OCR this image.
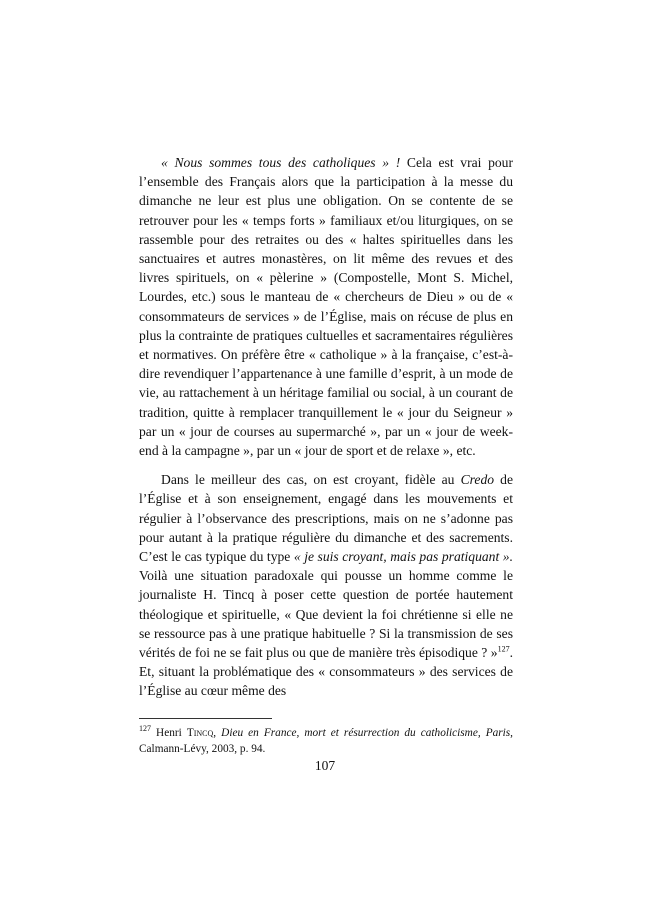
« Nous sommes tous des catholiques » ! Cela est vrai pour l’ensemble des Français alors que la participation à la messe du dimanche ne leur est plus une obligation. On se contente de se retrouver pour les « temps forts » familiaux et/ou liturgiques, on se rassemble pour des retraites ou des « haltes spirituelles dans les sanctuaires et autres monastères, on lit même des revues et des livres spirituels, on « pèlerine » (Compostelle, Mont S. Michel, Lourdes, etc.) sous le manteau de « chercheurs de Dieu » ou de « consommateurs de services » de l’Église, mais on récuse de plus en plus la contrainte de pratiques cultuelles et sacramentaires régulières et normatives. On préfère être « catholique » à la française, c’est-à-dire revendiquer l’appartenance à une famille d’esprit, à un mode de vie, au rattachement à un héritage familial ou social, à un courant de tradition, quitte à remplacer tranquillement le « jour du Seigneur » par un « jour de courses au supermarché », par un « jour de week-end à la campagne », par un « jour de sport et de relaxe », etc.

Dans le meilleur des cas, on est croyant, fidèle au Credo de l’Église et à son enseignement, engagé dans les mouvements et régulier à l’observance des prescriptions, mais on ne s’adonne pas pour autant à la pratique régulière du dimanche et des sacrements. C’est le cas typique du type « je suis croyant, mais pas pratiquant ». Voilà une situation paradoxale qui pousse un homme comme le journaliste H. Tincq à poser cette question de portée hautement théologique et spirituelle, « Que devient la foi chrétienne si elle ne se ressource pas à une pratique habituelle ? Si la transmission de ses vérités de foi ne se fait plus ou que de manière très épisodique ? »$^{127}$. Et, situant la problématique des « consommateurs » des services de l’Église au cœur même des

$^{127}$ Henri Tincq, Dieu en France, mort et résurrection du catholicisme, Paris, Calmann-Lévy, 2003, p. 94.
107
